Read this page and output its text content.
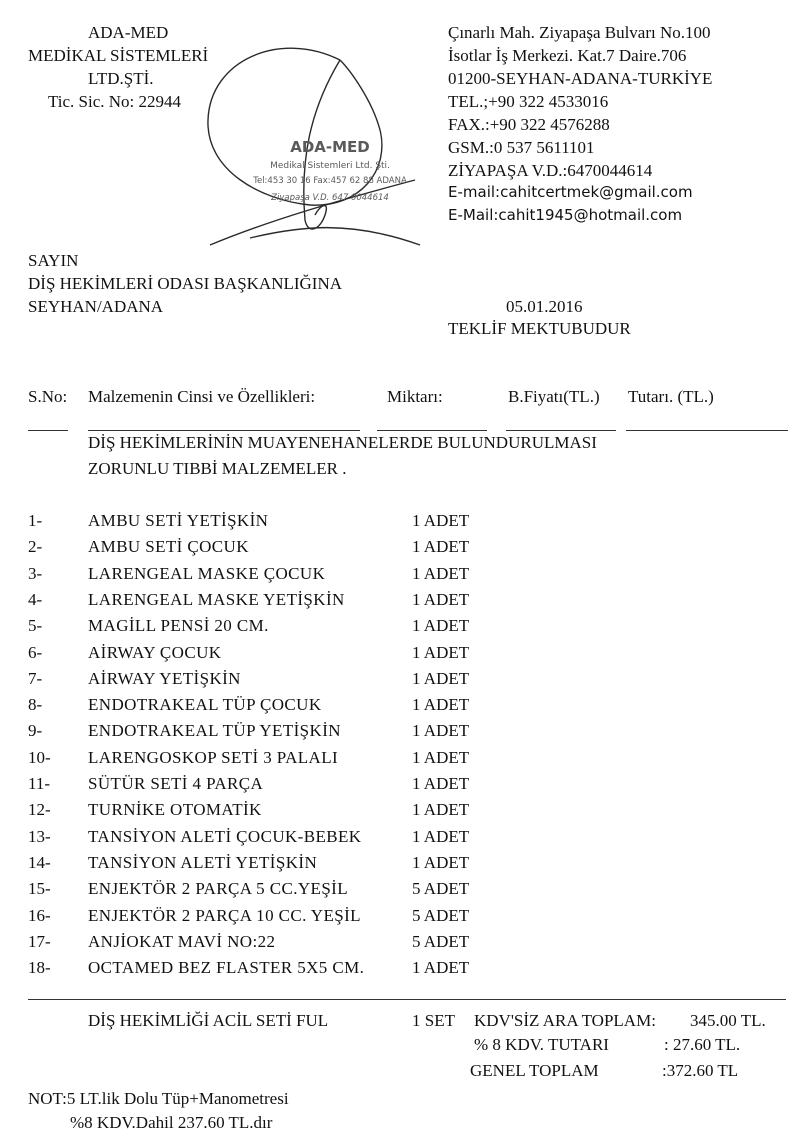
ADA-MED
MEDİKAL SİSTEMLERİ
LTD.ŞTİ.
Tic. Sic. No: 22944
Çınarlı Mah. Ziyapaşa Bulvarı No.100
İsotlar İş Merkezi. Kat.7 Daire.706
01200-SEYHAN-ADANA-TURKİYE
TEL.;+90 322 4533016
FAX.:+90 322 4576288
GSM.:0 537 5611101
ZİYAPAŞA V.D.:6470044614
E-mail:cahitcertmek@gmail.com
E-Mail:cahit1945@hotmail.com
ADA-MED
Medikal Sistemleri Ltd. Şti.
Tel:453 30 16 Fax:457 62 88 ADANA
Ziyapaşa V.D. 647 0044614
SAYIN
DİŞ HEKİMLERİ ODASI BAŞKANLIĞINA
SEYHAN/ADANA	05.01.2016
TEKLİF MEKTUBUDUR
S.No: Malzemenin Cinsi ve Özellikleri:	Miktarı:	B.Fiyatı(TL.) Tutarı. (TL.)
DİŞ HEKİMLERİNİN MUAYENEHANELERDE BULUNDURULMASI
ZORUNLU TIBBİ MALZEMELER .
1-	AMBU SETİ YETİŞKİN	1 ADET
2-	AMBU SETİ ÇOCUK	1 ADET
3-	LARENGEAL MASKE ÇOCUK	1 ADET
4-	LARENGEAL MASKE YETİŞKİN	1 ADET
5-	MAGİLL PENSİ 20 CM.	1 ADET
6-	AİRWAY ÇOCUK	1 ADET
7-	AİRWAY YETİŞKİN	1 ADET
8-	ENDOTRAKEAL TÜP ÇOCUK	1 ADET
9-	ENDOTRAKEAL TÜP YETİŞKİN	1 ADET
10- LARENGOSKOP SETİ 3 PALALI	1 ADET
11- SÜTÜR SETİ 4 PARÇA	1 ADET
12- TURNİKE OTOMATİK	1 ADET
13- TANSİYON ALETİ ÇOCUK-BEBEK	1 ADET
14- TANSİYON ALETİ YETİŞKİN	1 ADET
15- ENJEKTÖR 2 PARÇA 5 CC.YEŞİL	5 ADET
16- ENJEKTÖR 2 PARÇA 10 CC. YEŞİL	5 ADET
17- ANJİOKAT MAVİ NO:22	5 ADET
18- OCTAMED BEZ FLASTER 5X5 CM.	1 ADET
DİŞ HEKİMLİĞİ ACİL SETİ FUL	1 SET KDV'SİZ ARA TOPLAM: 345.00 TL.
% 8 KDV. TUTARI	: 27.60 TL.
GENEL TOPLAM	:372.60 TL
NOT:5 LT.lik Dolu Tüp+Manometresi
%8 KDV.Dahil 237.60 TL.dır
